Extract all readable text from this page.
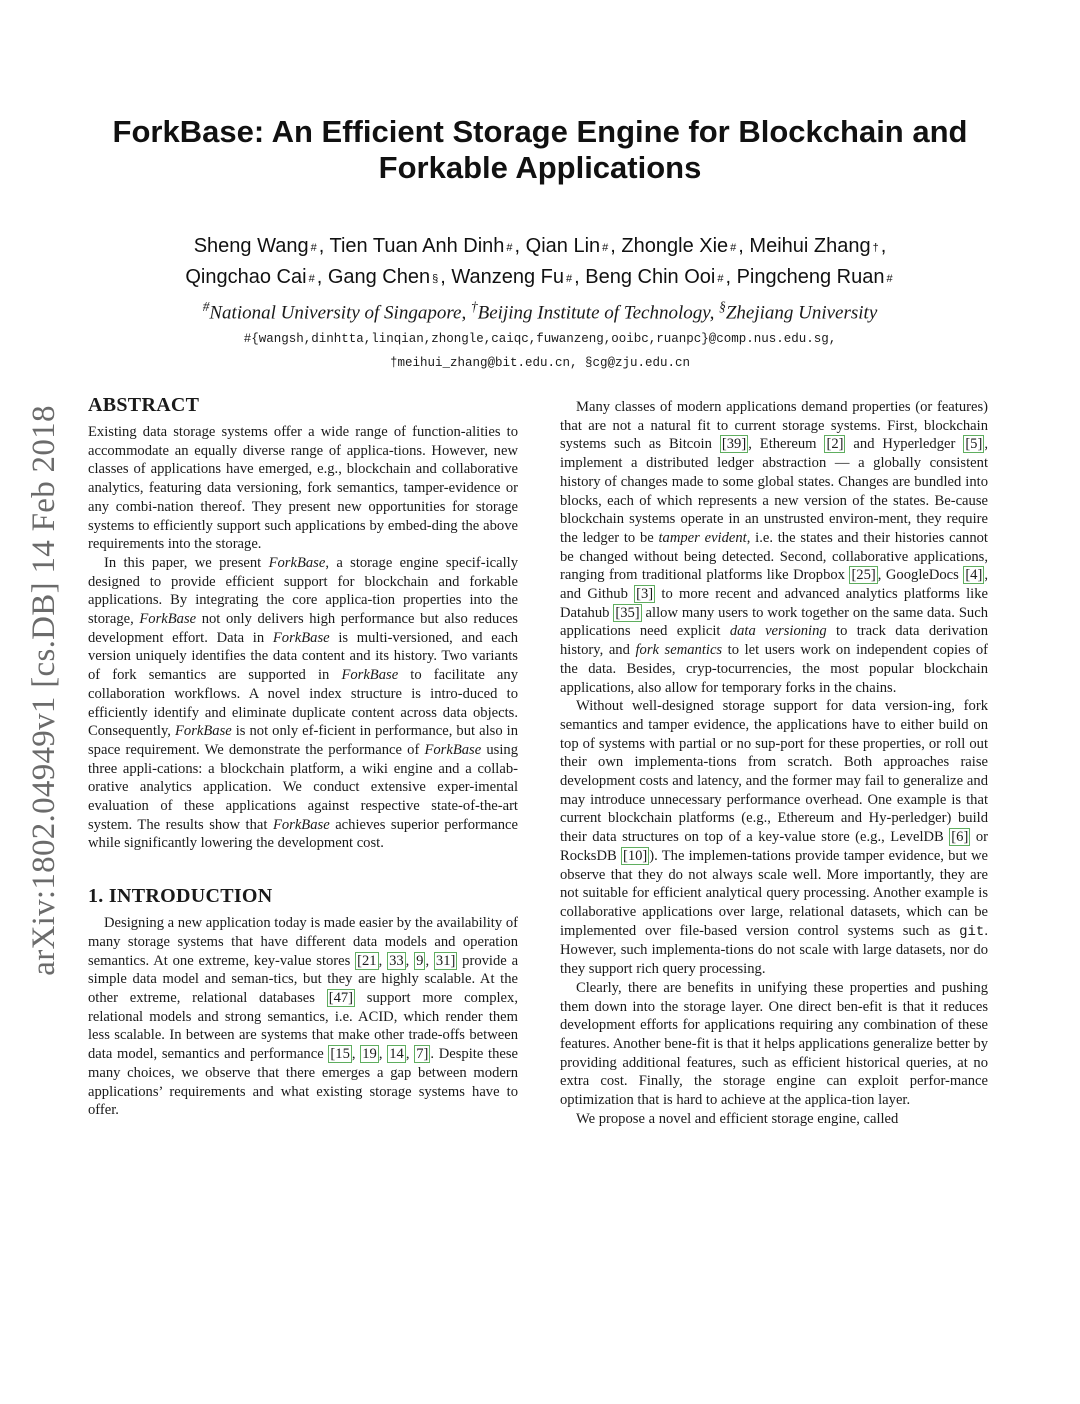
arXiv:1802.04949v1 [cs.DB] 14 Feb 2018
ForkBase: An Efficient Storage Engine for Blockchain and
Forkable Applications
Sheng Wang # , Tien Tuan Anh Dinh # , Qian Lin # , Zhongle Xie # , Meihui Zhang † ,
Qingchao Cai # , Gang Chen § , Wanzeng Fu # , Beng Chin Ooi # , Pingcheng Ruan #
#National University of Singapore, †Beijing Institute of Technology, §Zhejiang University
#{wangsh,dinhtta,linqian,zhongle,caiqc,fuwanzeng,ooibc,ruanpc}@comp.nus.edu.sg,
†meihui_zhang@bit.edu.cn, §cg@zju.edu.cn
ABSTRACT

Existing data storage systems offer a wide range of function-alities to accommodate an equally diverse range of applica-tions. However, new classes of applications have emerged, e.g., blockchain and collaborative analytics, featuring data versioning, fork semantics, tamper-evidence or any combi-nation thereof. They present new opportunities for storage systems to efficiently support such applications by embed-ding the above requirements into the storage.

In this paper, we present ForkBase, a storage engine specif-ically designed to provide efficient support for blockchain and forkable applications. By integrating the core applica-tion properties into the storage, ForkBase not only delivers high performance but also reduces development effort. Data in ForkBase is multi-versioned, and each version uniquely identifies the data content and its history. Two variants of fork semantics are supported in ForkBase to facilitate any collaboration workflows. A novel index structure is intro-duced to efficiently identify and eliminate duplicate content across data objects. Consequently, ForkBase is not only ef-ficient in performance, but also in space requirement. We demonstrate the performance of ForkBase using three appli-cations: a blockchain platform, a wiki engine and a collab-orative analytics application. We conduct extensive exper-imental evaluation of these applications against respective state-of-the-art system. The results show that ForkBase achieves superior performance while significantly lowering the development cost.

1. INTRODUCTION

Designing a new application today is made easier by the availability of many storage systems that have different data models and operation semantics. At one extreme, key-value stores [21 , 33 , 9 , 31] provide a simple data model and seman-tics, but they are highly scalable. At the other extreme, relational databases [47] support more complex, relational models and strong semantics, i.e. ACID, which render them less scalable. In between are systems that make other trade-offs between data model, semantics and performance [15 , 19 , 14 , 7] . Despite these many choices, we observe that there emerges a gap between modern applications’ requirements and what existing storage systems have to offer.

Many classes of modern applications demand properties (or features) that are not a natural fit to current storage systems. First, blockchain systems such as Bitcoin [39] , Ethereum [2] and Hyperledger [5] , implement a distributed ledger abstraction — a globally consistent history of changes made to some global states. Changes are bundled into blocks, each of which represents a new version of the states. Be-cause blockchain systems operate in an unstrusted environ-ment, they require the ledger to be tamper evident, i.e. the states and their histories cannot be changed without being detected. Second, collaborative applications, ranging from traditional platforms like Dropbox [25] , GoogleDocs [4] , and Github [3] to more recent and advanced analytics platforms like Datahub [35] allow many users to work together on the same data. Such applications need explicit data versioning to track data derivation history, and fork semantics to let users work on independent copies of the data. Besides, cryp-tocurrencies, the most popular blockchain applications, also allow for temporary forks in the chains.

Without well-designed storage support for data version-ing, fork semantics and tamper evidence, the applications have to either build on top of systems with partial or no sup-port for these properties, or roll out their own implementa-tions from scratch. Both approaches raise development costs and latency, and the former may fail to generalize and may introduce unnecessary performance overhead. One example is that current blockchain platforms (e.g., Ethereum and Hy-perledger) build their data structures on top of a key-value store (e.g., LevelDB [6] or RocksDB [10] ). The implemen-tations provide tamper evidence, but we observe that they do not always scale well. More importantly, they are not suitable for efficient analytical query processing. Another example is collaborative applications over large, relational datasets, which can be implemented over file-based version control systems such as git. However, such implementa-tions do not scale with large datasets, nor do they support rich query processing.

Clearly, there are benefits in unifying these properties and pushing them down into the storage layer. One direct ben-efit is that it reduces development efforts for applications requiring any combination of these features. Another bene-fit is that it helps applications generalize better by providing additional features, such as efficient historical queries, at no extra cost. Finally, the storage engine can exploit perfor-mance optimization that is hard to achieve at the applica-tion layer.

We propose a novel and efficient storage engine, called
